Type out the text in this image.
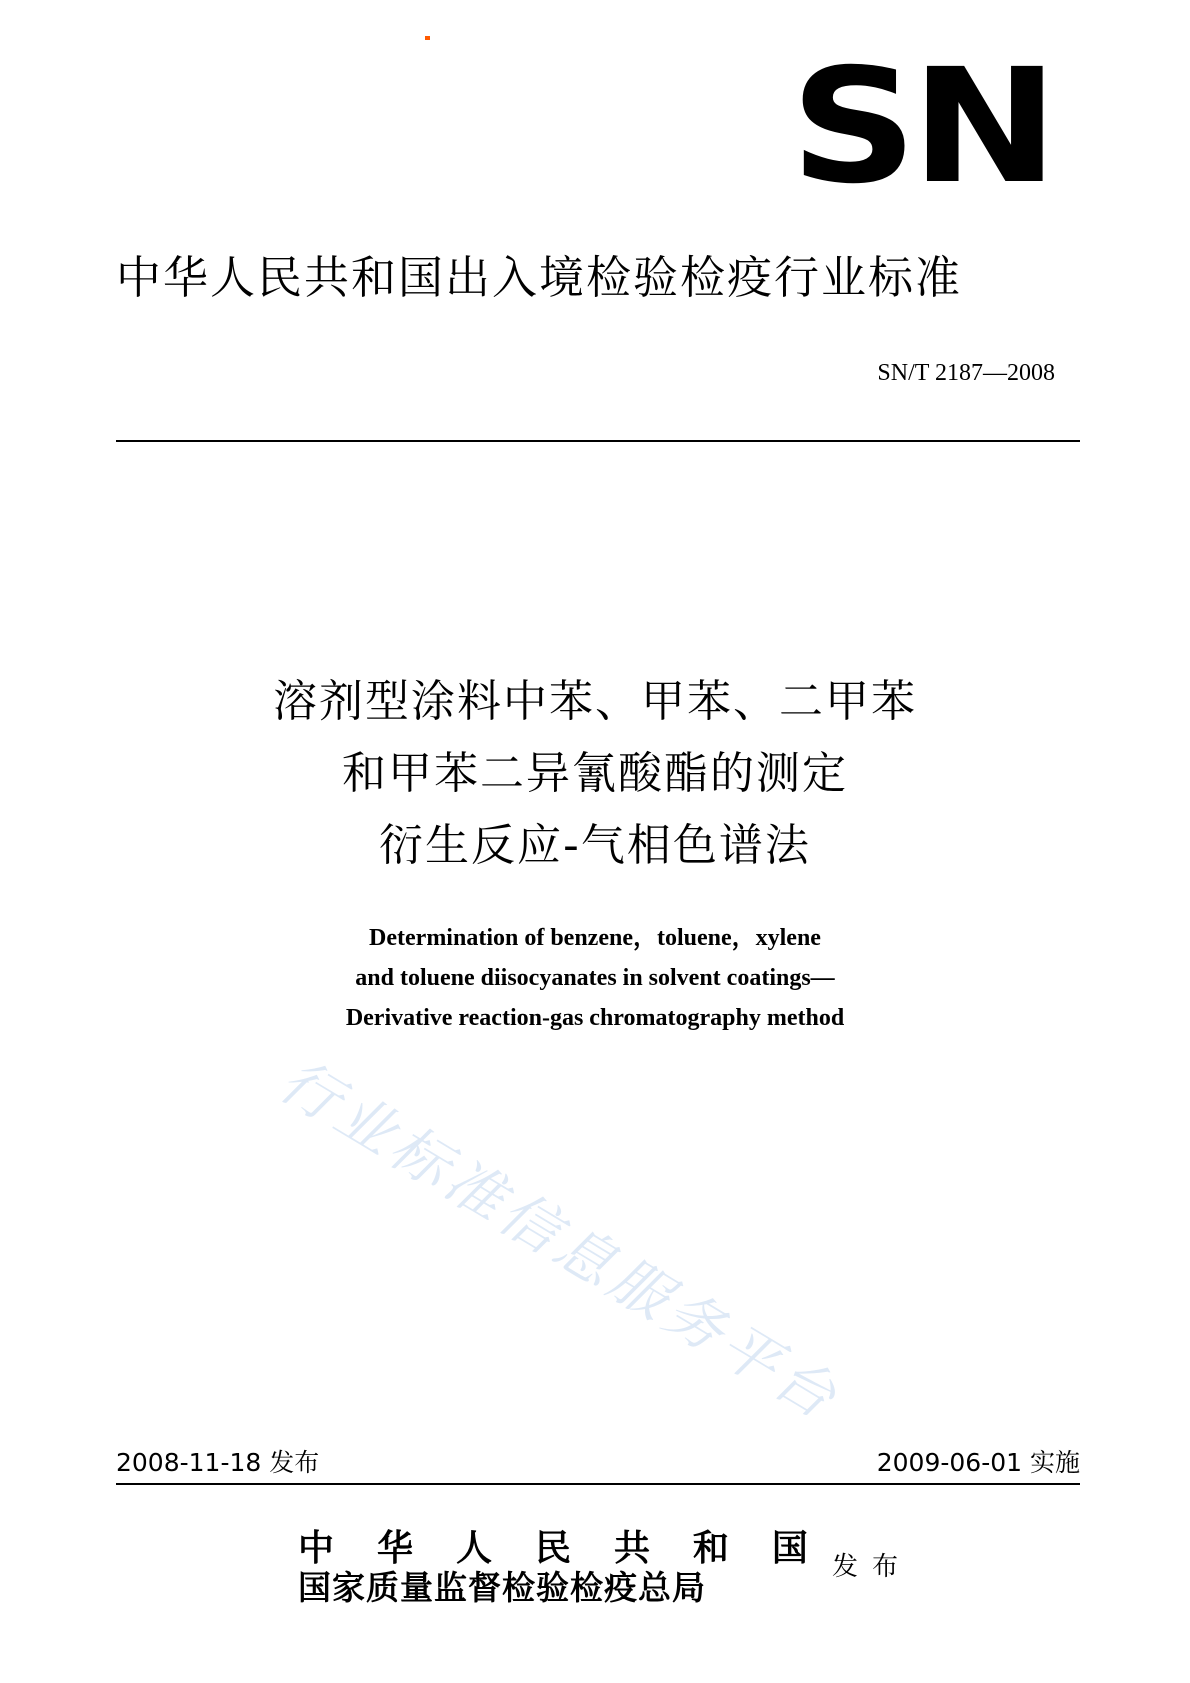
SN
中华人民共和国出入境检验检疫行业标准
SN/T 2187—2008
溶剂型涂料中苯、甲苯、二甲苯
和甲苯二异氰酸酯的测定
衍生反应-气相色谱法
Determination of benzene，toluene，xylene
and toluene diisocyanates in solvent coatings—
Derivative reaction-gas chromatography method
行业标准信息服务平台
2008-11-18 发布	2009-06-01 实施
中 华 人 民 共 和 国
国家质量监督检验检疫总局
发布
